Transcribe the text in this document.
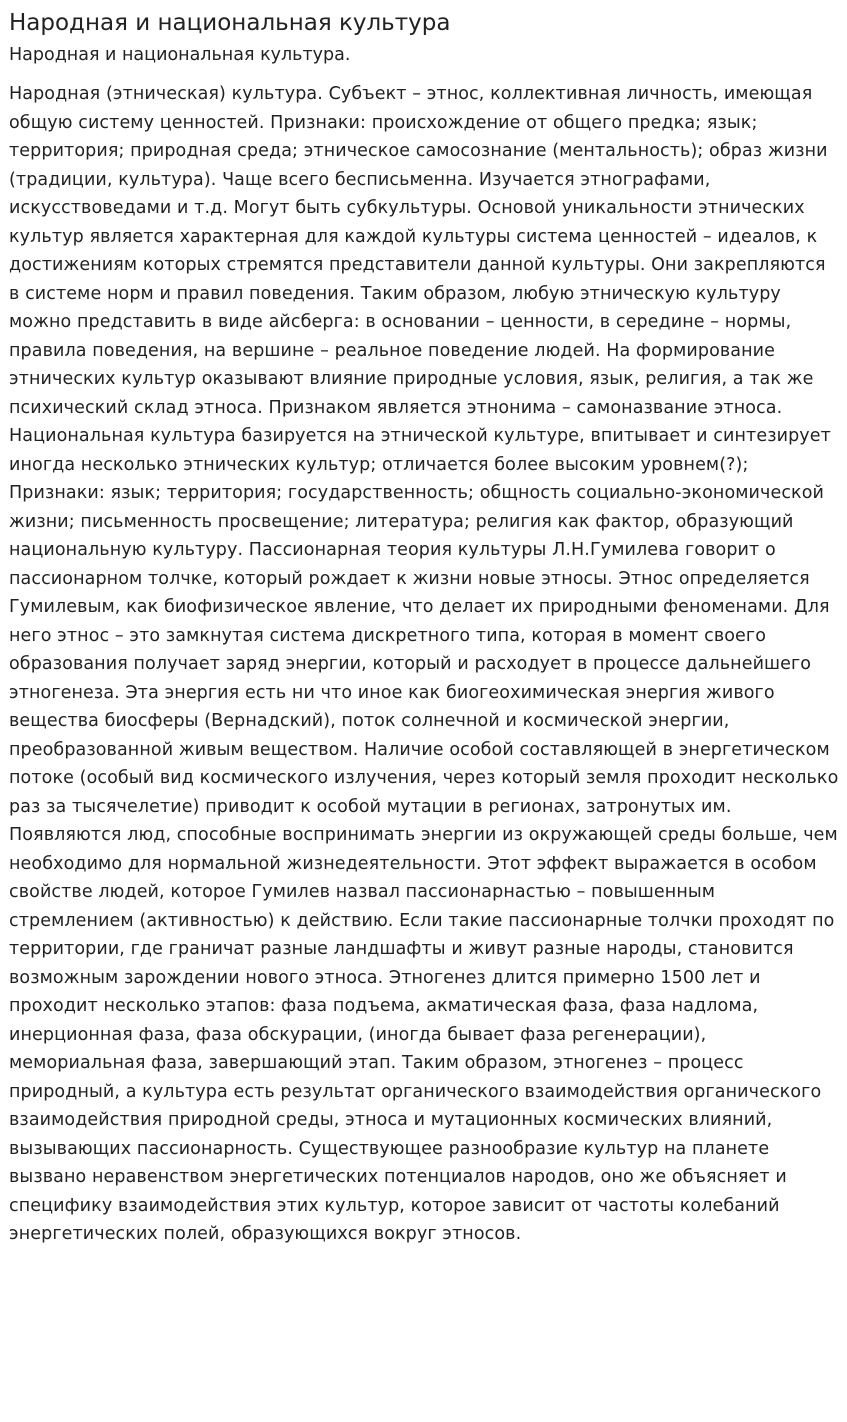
Народная и национальная культура

Народная и национальная культура.

Народная (этническая) культура. Субъект – этнос, коллективная личность, имеющая общую систему ценностей. Признаки: происхождение от общего предка; язык; территория; природная среда; этническое самосознание (ментальность); образ жизни (традиции, культура). Чаще всего бесписьменна. Изучается этнографами, искусствоведами и т.д. Могут быть субкультуры. Основой уникальности этнических культур является характерная для каждой культуры система ценностей – идеалов, к достижениям которых стремятся представители данной культуры. Они закрепляются в системе норм и правил поведения. Таким образом, любую этническую культуру можно представить в виде айсберга: в основании – ценности, в середине – нормы, правила поведения, на вершине – реальное поведение людей. На формирование этнических культур оказывают влияние природные условия, язык, религия, а так же психический склад этноса. Признаком является этнонима – самоназвание этноса. Национальная культура базируется на этнической культуре, впитывает и синтезирует иногда несколько этнических культур; отличается более высоким уровнем(?); Признаки: язык; территория; государственность; общность социально-экономической жизни; письменность просвещение; литература; религия как фактор, образующий национальную культуру. Пассионарная теория культуры Л.Н.Гумилева говорит о пассионарном толчке, который рождает к жизни новые этносы. Этнос определяется Гумилевым, как биофизическое явление, что делает их природными феноменами. Для него этнос – это замкнутая система дискретного типа, которая в момент своего образования получает заряд энергии, который и расходует в процессе дальнейшего этногенеза. Эта энергия есть ни что иное как биогеохимическая энергия живого вещества биосферы (Вернадский), поток солнечной и космической энергии, преобразованной живым веществом. Наличие особой составляющей в энергетическом потоке (особый вид космического излучения, через который земля проходит несколько раз за тысячелетие) приводит к особой мутации в регионах, затронутых им. Появляются люд, способные воспринимать энергии из окружающей среды больше, чем необходимо для нормальной жизнедеятельности. Этот эффект выражается в особом свойстве людей, которое Гумилев назвал пассионарнастью – повышенным стремлением (активностью) к действию. Если такие пассионарные толчки проходят по территории, где граничат разные ландшафты и живут разные народы, становится возможным зарождении нового этноса. Этногенез длится примерно 1500 лет и проходит несколько этапов: фаза подъема, акматическая фаза, фаза надлома, инерционная фаза, фаза обскурации, (иногда бывает фаза регенерации), мемориальная фаза, завершающий этап. Таким образом, этногенез – процесс природный, а культура есть результат органического взаимодействия органического взаимодействия природной среды, этноса и мутационных космических влияний, вызывающих пассионарность. Существующее разнообразие культур на планете вызвано неравенством энергетических потенциалов народов, оно же объясняет и специфику взаимодействия этих культур, которое зависит от частоты колебаний энергетических полей, образующихся вокруг этносов.
